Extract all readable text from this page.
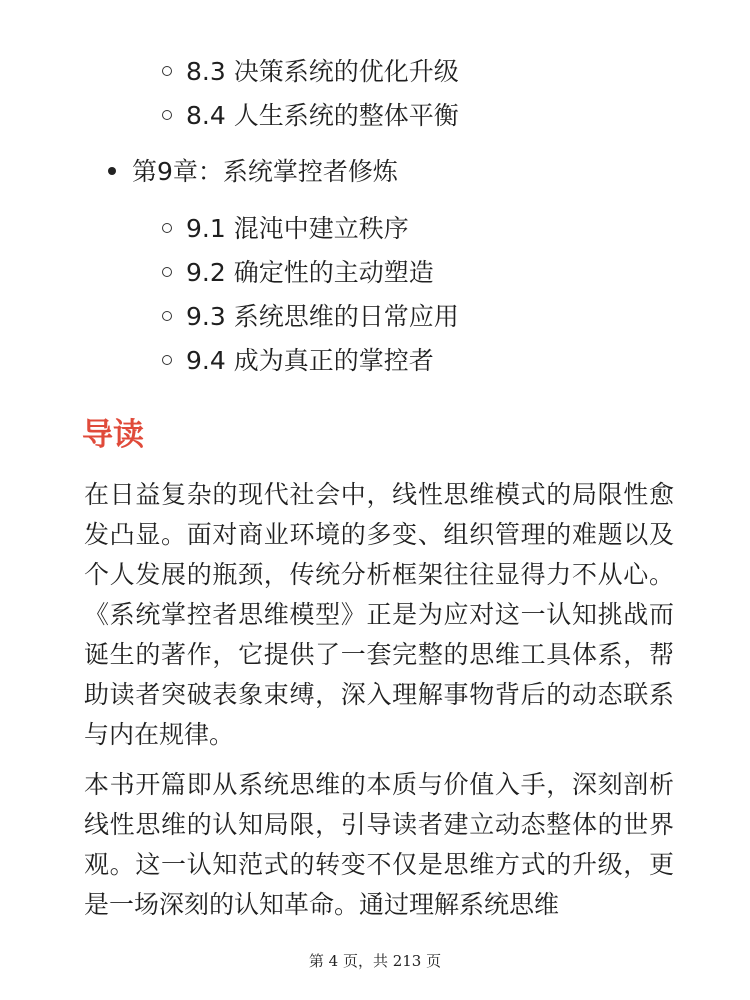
8.3 决策系统的优化升级
8.4 人生系统的整体平衡
第9章：系统掌控者修炼
9.1 混沌中建立秩序
9.2 确定性的主动塑造
9.3 系统思维的日常应用
9.4 成为真正的掌控者
导读

在日益复杂的现代社会中，线性思维模式的局限性愈发凸显。面对商业环境的多变、组织管理的难题以及个人发展的瓶颈，传统分析框架往往显得力不从心。《系统掌控者思维模型》正是为应对这一认知挑战而诞生的著作，它提供了一套完整的思维工具体系，帮助读者突破表象束缚，深入理解事物背后的动态联系与内在规律。

本书开篇即从系统思维的本质与价值入手，深刻剖析线性思维的认知局限，引导读者建立动态整体的世界观。这一认知范式的转变不仅是思维方式的升级，更是一场深刻的认知革命。通过理解系统思维

第 4 页，共 213 页
